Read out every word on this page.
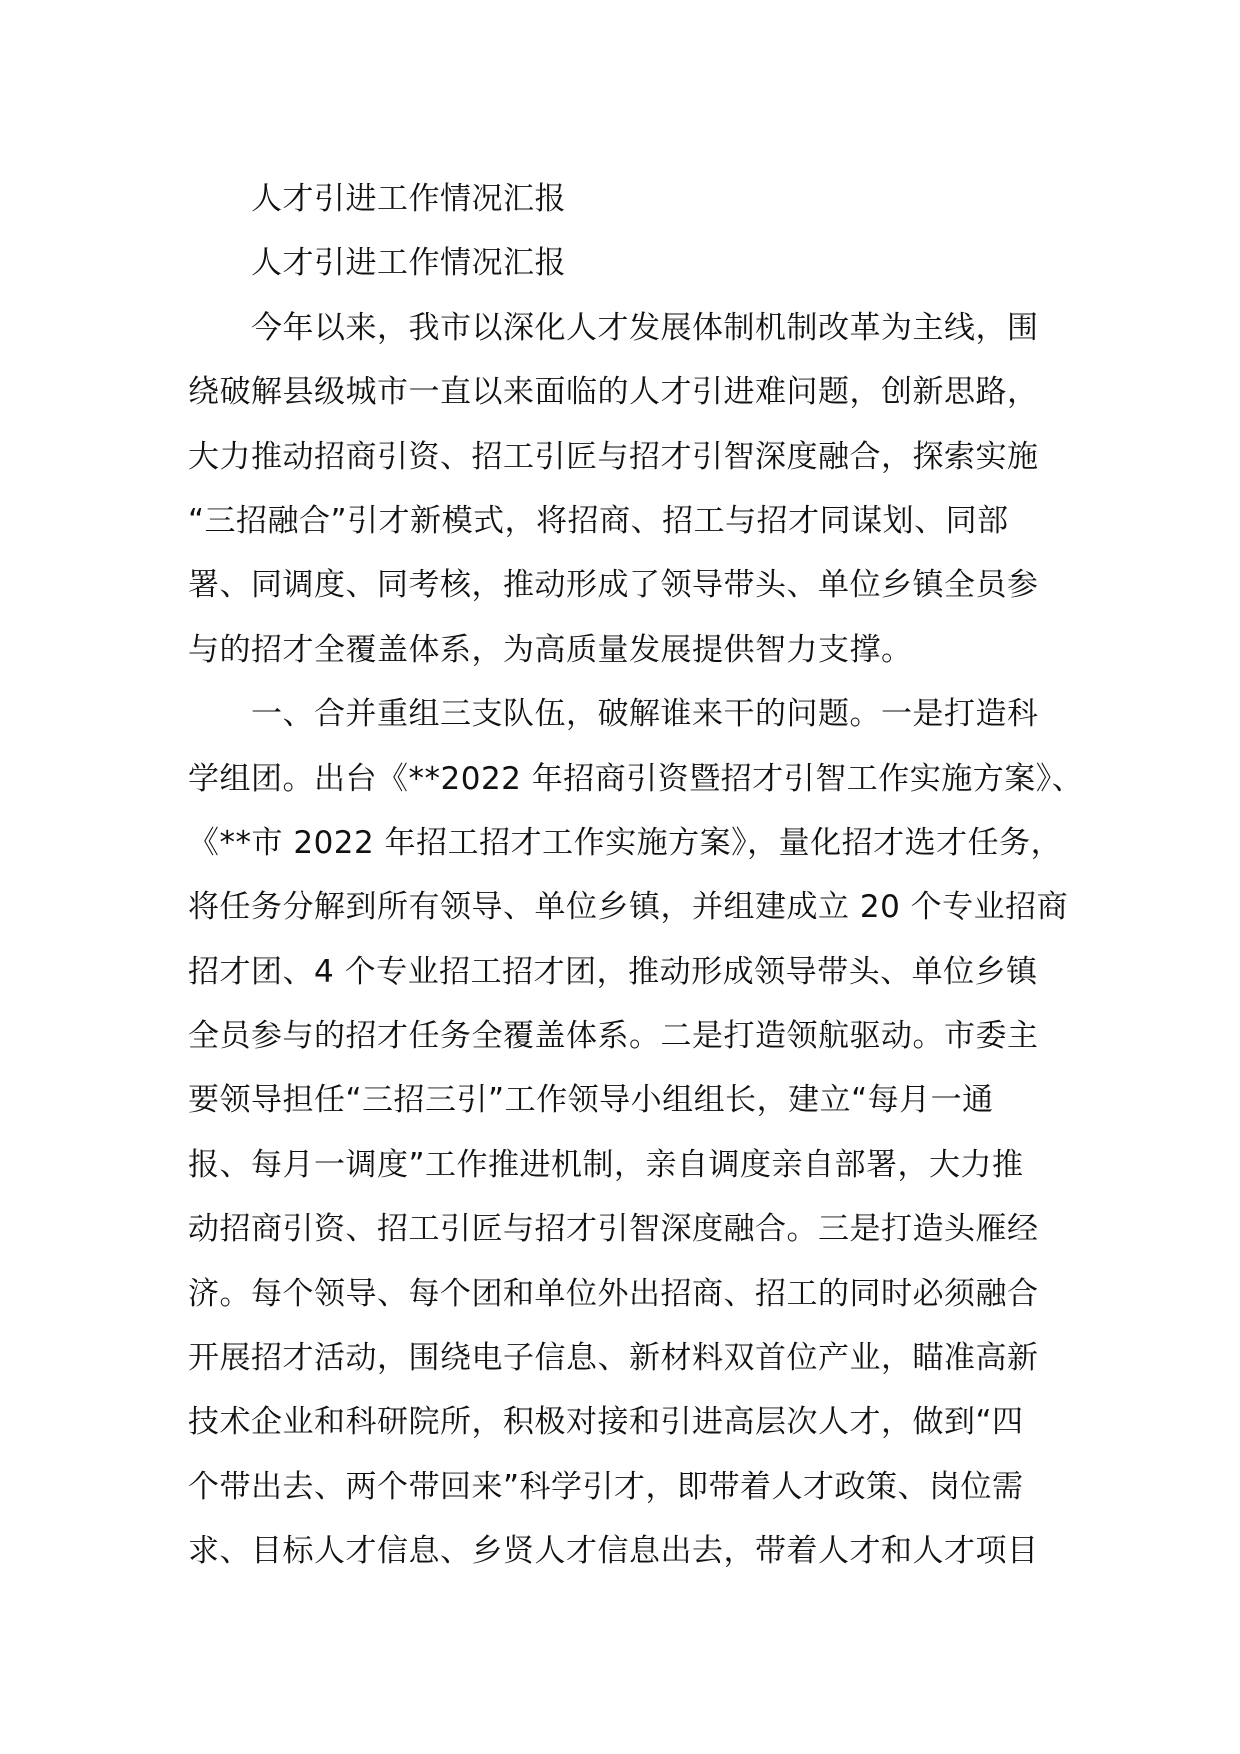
人才引进工作情况汇报
人才引进工作情况汇报
今年以来，我市以深化人才发展体制机制改革为主线，围
绕破解县级城市一直以来面临的人才引进难问题，创新思路，
大力推动招商引资、招工引匠与招才引智深度融合，探索实施
“三招融合”引才新模式，将招商、招工与招才同谋划、同部
署、同调度、同考核，推动形成了领导带头、单位乡镇全员参
与的招才全覆盖体系，为高质量发展提供智力支撑。
一、合并重组三支队伍，破解谁来干的问题。一是打造科
学组团。出台《**2022 年招商引资暨招才引智工作实施方案》、
《**市 2022 年招工招才工作实施方案》，量化招才选才任务，
将任务分解到所有领导、单位乡镇，并组建成立 20 个专业招商
招才团、4 个专业招工招才团，推动形成领导带头、单位乡镇
全员参与的招才任务全覆盖体系。二是打造领航驱动。市委主
要领导担任“三招三引”工作领导小组组长，建立“每月一通
报、每月一调度”工作推进机制，亲自调度亲自部署，大力推
动招商引资、招工引匠与招才引智深度融合。三是打造头雁经
济。每个领导、每个团和单位外出招商、招工的同时必须融合
开展招才活动，围绕电子信息、新材料双首位产业，瞄准高新
技术企业和科研院所，积极对接和引进高层次人才，做到“四
个带出去、两个带回来”科学引才，即带着人才政策、岗位需
求、目标人才信息、乡贤人才信息出去，带着人才和人才项目
